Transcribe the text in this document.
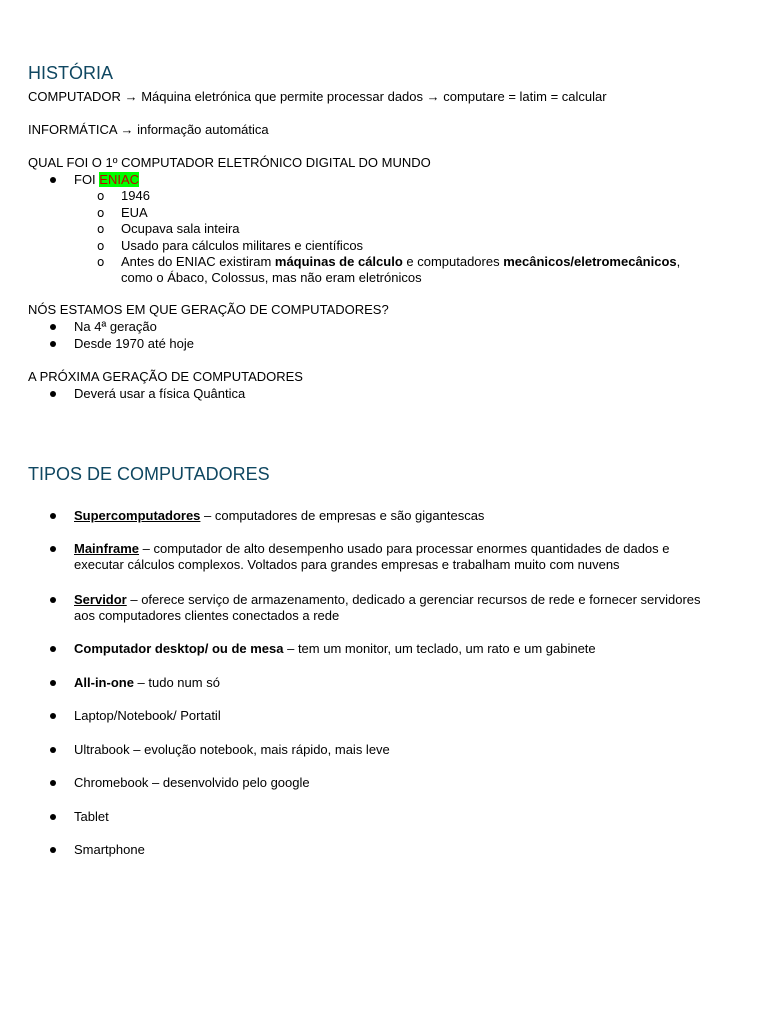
HISTÓRIA

COMPUTADOR → Máquina eletrónica que permite processar dados → computare = latim = calcular

INFORMÁTICA → informação automática

QUAL FOI O 1º COMPUTADOR ELETRÓNICO DIGITAL DO MUNDO

FOI ENIAC

o 1946

o EUA

o Ocupava sala inteira

o Usado para cálculos militares e científicos

o Antes do ENIAC existiram máquinas de cálculo e computadores mecânicos/eletromecânicos,

como o Ábaco, Colossus, mas não eram eletrónicos

NÓS ESTAMOS EM QUE GERAÇÃO DE COMPUTADORES?

Na 4ª geração

Desde 1970 até hoje

A PRÓXIMA GERAÇÃO DE COMPUTADORES

Deverá usar a física Quântica

TIPOS DE COMPUTADORES

Supercomputadores – computadores de empresas e são gigantescas

Mainframe – computador de alto desempenho usado para processar enormes quantidades de dados e

executar cálculos complexos. Voltados para grandes empresas e trabalham muito com nuvens

Servidor – oferece serviço de armazenamento, dedicado a gerenciar recursos de rede e fornecer servidores

aos computadores clientes conectados a rede

Computador desktop/ ou de mesa – tem um monitor, um teclado, um rato e um gabinete

All-in-one – tudo num só

Laptop/Notebook/ Portatil

Ultrabook – evolução notebook, mais rápido, mais leve

Chromebook – desenvolvido pelo google

Tablet

Smartphone
